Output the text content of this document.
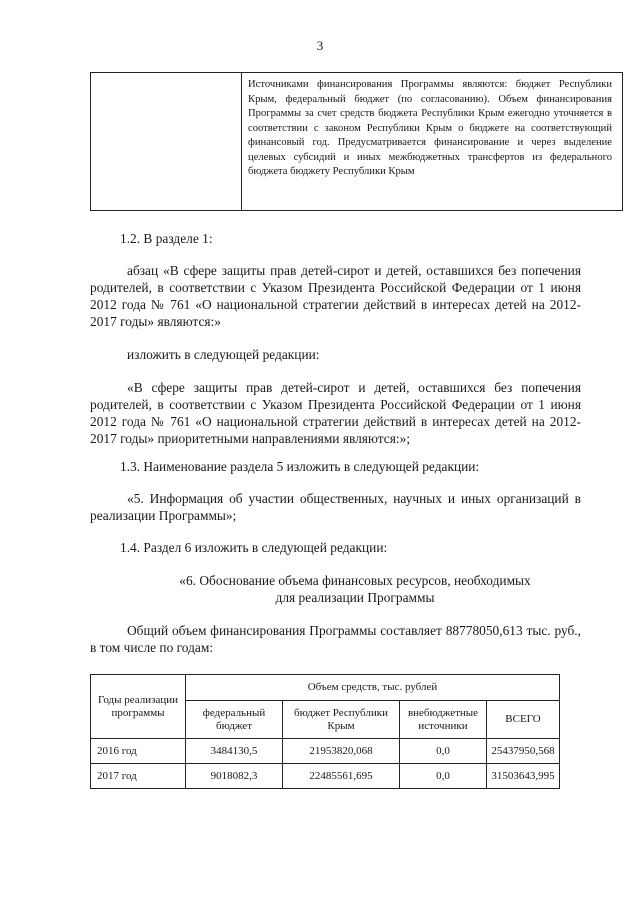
3
Источниками финансирования Программы являются: бюджет Республики Крым, федеральный бюджет (по согласованию). Объем финансирования Программы за счет средств бюджета Республики Крым ежегодно уточняется в соответствии с законом Республики Крым о бюджете на соответствующий финансовый год. Предусматривается финансирование и через выделение целевых субсидий и иных межбюджетных трансфертов из федерального бюджета бюджету Республики Крым
1.2. В разделе 1:
абзац «В сфере защиты прав детей-сирот и детей, оставшихся без попечения родителей, в соответствии с Указом Президента Российской Федерации от 1 июня 2012 года № 761 «О национальной стратегии действий в интересах детей на 2012-2017 годы» являются:»
изложить в следующей редакции:
«В сфере защиты прав детей-сирот и детей, оставшихся без попечения родителей, в соответствии с Указом Президента Российской Федерации от 1 июня 2012 года № 761 «О национальной стратегии действий в интересах детей на 2012-2017 годы» приоритетными направлениями являются:»;
1.3. Наименование раздела 5 изложить в следующей редакции:
«5. Информация об участии общественных, научных и иных организаций в реализации Программы»;
1.4. Раздел 6 изложить в следующей редакции:
«6. Обоснование объема финансовых ресурсов, необходимых
для реализации Программы
Общий объем финансирования Программы составляет 88778050,613 тыс. руб., в том числе по годам:
Годы реализации программы	Объем средств, тыс. рублей			
	федеральный бюджет	бюджет Республики Крым	внебюджетные источники	ВСЕГО
2016 год	3484130,5	21953820,068	0,0	25437950,568
2017 год	9018082,3	22485561,695	0,0	31503643,995
